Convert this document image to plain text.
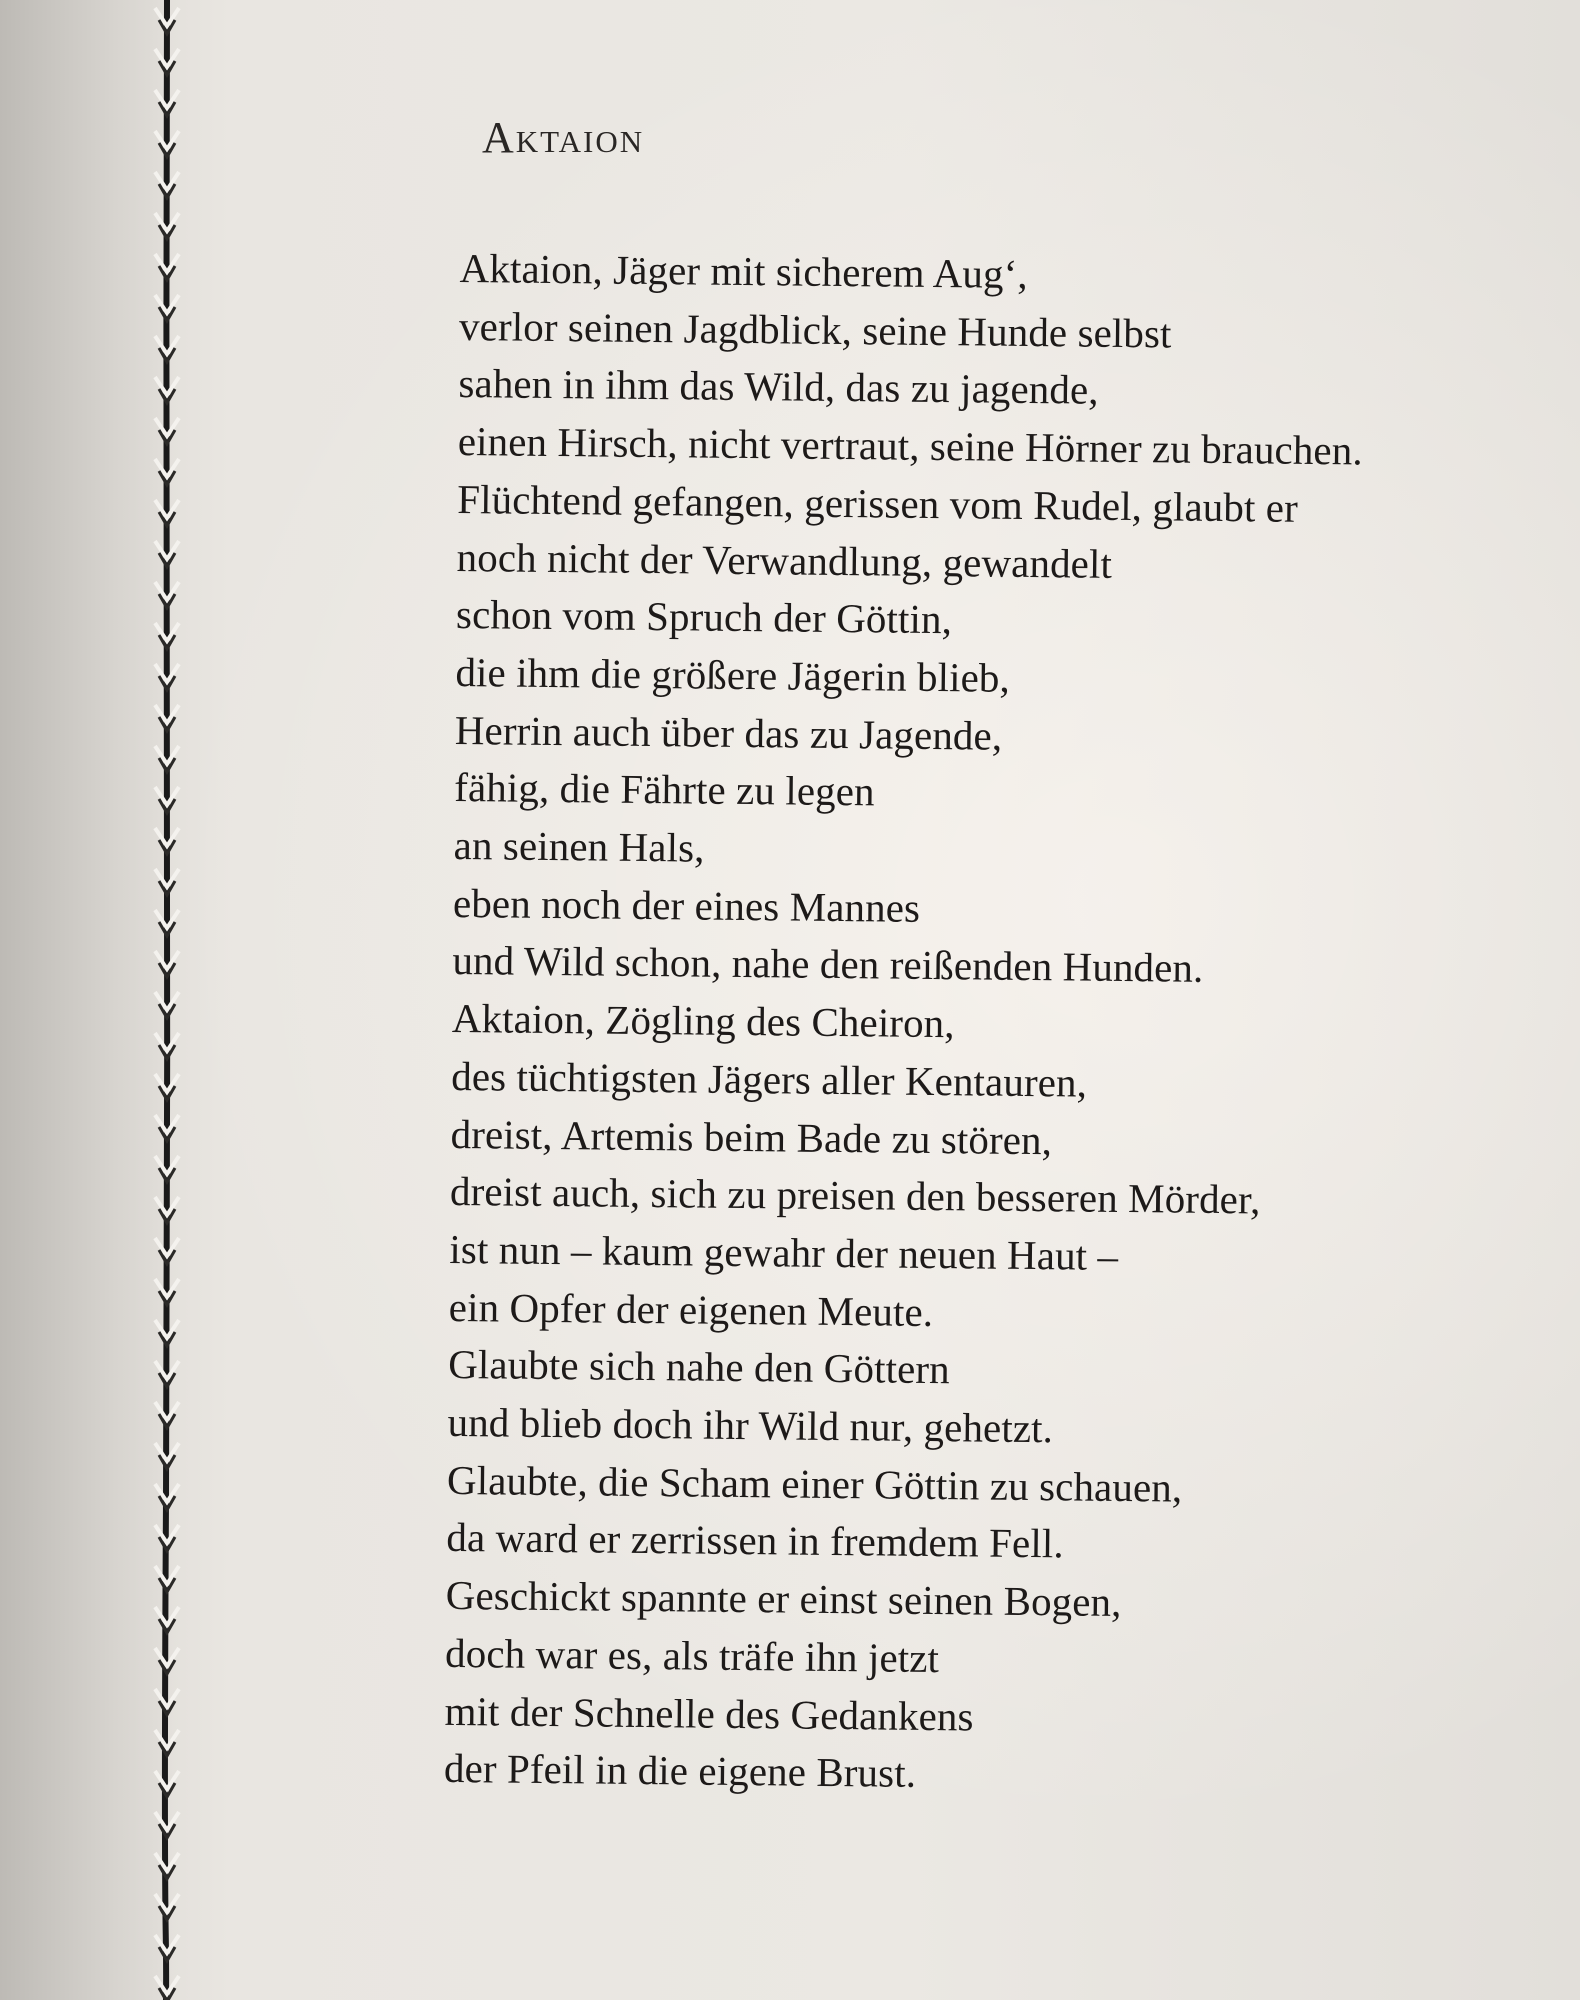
Aktaion
Aktaion, Jäger mit sicherem Aug‘,
verlor seinen Jagdblick, seine Hunde selbst
sahen in ihm das Wild, das zu jagende,
einen Hirsch, nicht vertraut, seine Hörner zu brauchen.
Flüchtend gefangen, gerissen vom Rudel, glaubt er
noch nicht der Verwandlung, gewandelt
schon vom Spruch der Göttin,
die ihm die größere Jägerin blieb,
Herrin auch über das zu Jagende,
fähig, die Fährte zu legen
an seinen Hals,
eben noch der eines Mannes
und Wild schon, nahe den reißenden Hunden.
Aktaion, Zögling des Cheiron,
des tüchtigsten Jägers aller Kentauren,
dreist, Artemis beim Bade zu stören,
dreist auch, sich zu preisen den besseren Mörder,
ist nun – kaum gewahr der neuen Haut –
ein Opfer der eigenen Meute.
Glaubte sich nahe den Göttern
und blieb doch ihr Wild nur, gehetzt.
Glaubte, die Scham einer Göttin zu schauen,
da ward er zerrissen in fremdem Fell.
Geschickt spannte er einst seinen Bogen,
doch war es, als träfe ihn jetzt
mit der Schnelle des Gedankens
der Pfeil in die eigene Brust.
